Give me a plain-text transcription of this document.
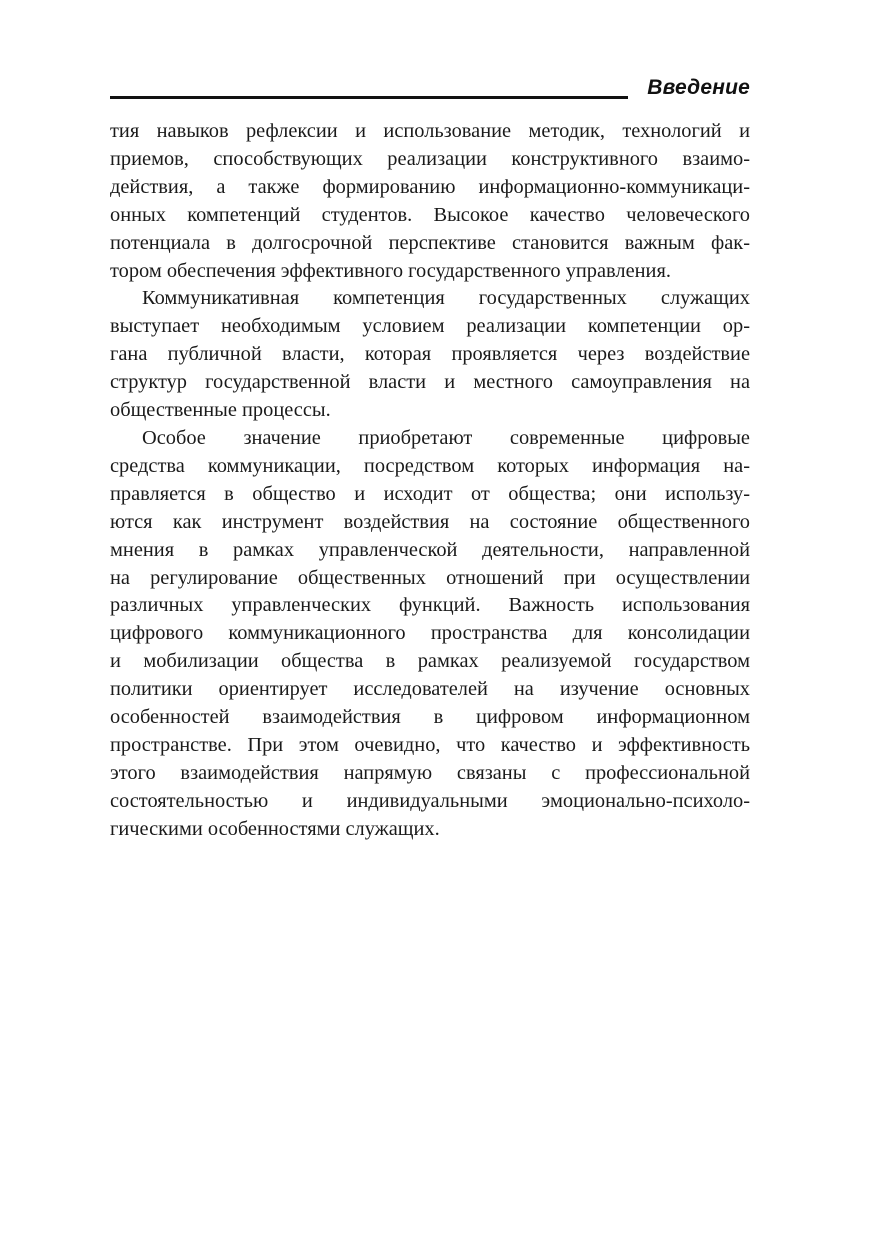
Введение

тия навыков рефлексии и использование методик, технологий и
приемов, способствующих реализации конструктивного взаимо-
действия, а также формированию информационно-коммуникаци-
онных компетенций студентов. Высокое качество человеческого
потенциала в долгосрочной перспективе становится важным фак-
тором обеспечения эффективного государственного управления.

Коммуникативная компетенция государственных служащих
выступает необходимым условием реализации компетенции ор-
гана публичной власти, которая проявляется через воздействие
структур государственной власти и местного самоуправления на
общественные процессы.

Особое значение приобретают современные цифровые
средства коммуникации, посредством которых информация на-
правляется в общество и исходит от общества; они использу-
ются как инструмент воздействия на состояние общественного
мнения в рамках управленческой деятельности, направленной
на регулирование общественных отношений при осуществлении
различных управленческих функций. Важность использования
цифрового коммуникационного пространства для консолидации
и мобилизации общества в рамках реализуемой государством
политики ориентирует исследователей на изучение основных
особенностей взаимодействия в цифровом информационном
пространстве. При этом очевидно, что качество и эффективность
этого взаимодействия напрямую связаны с профессиональной
состоятельностью и индивидуальными эмоционально-психоло-
гическими особенностями служащих.
